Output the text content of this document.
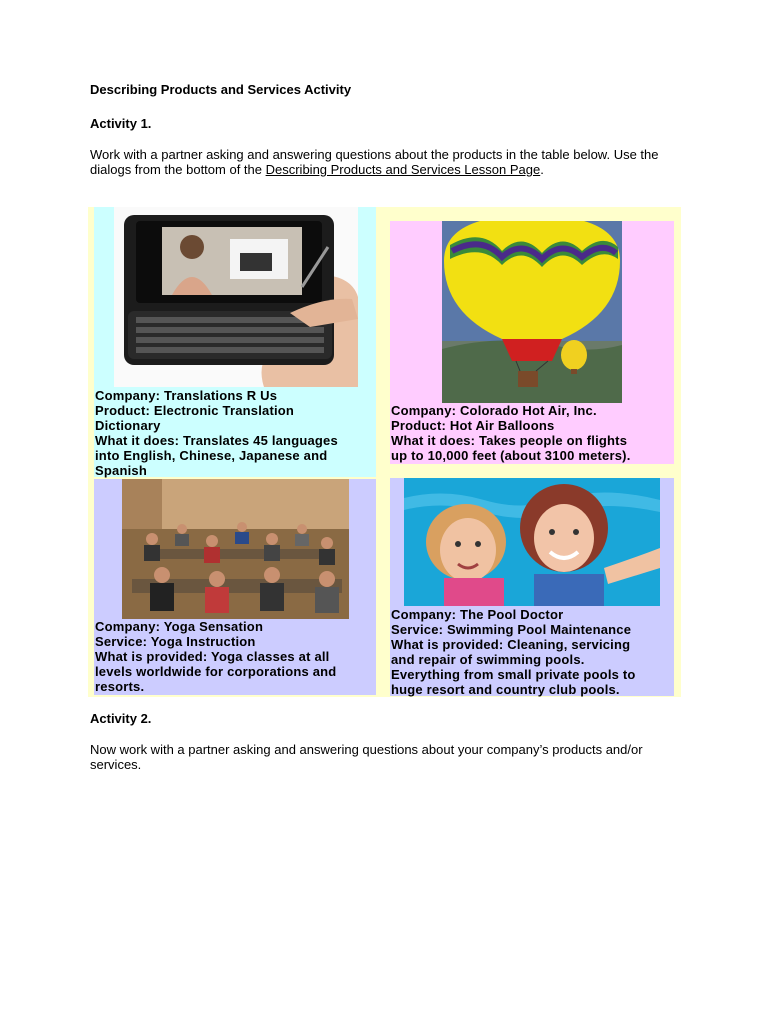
Describing Products and Services Activity
Activity 1.
Work with a partner asking and answering questions about the products in the table below. Use the dialogs from the bottom of the Describing Products and Services Lesson Page.
Company: Translations R Us
Product: Electronic Translation
Dictionary
What it does: Translates 45 languages
into English, Chinese, Japanese and
Spanish
Company: Colorado Hot Air, Inc.
Product: Hot Air Balloons
What it does: Takes people on flights
up to 10,000 feet (about 3100 meters).
Company: Yoga Sensation
Service: Yoga Instruction
What is provided: Yoga classes at all
levels worldwide for corporations and
resorts.
Company: The Pool Doctor
Service: Swimming Pool Maintenance
What is provided: Cleaning, servicing
and repair of swimming pools.
Everything from small private pools to
huge resort and country club pools.
Activity 2.
Now work with a partner asking and answering questions about your company’s products and/or services.
